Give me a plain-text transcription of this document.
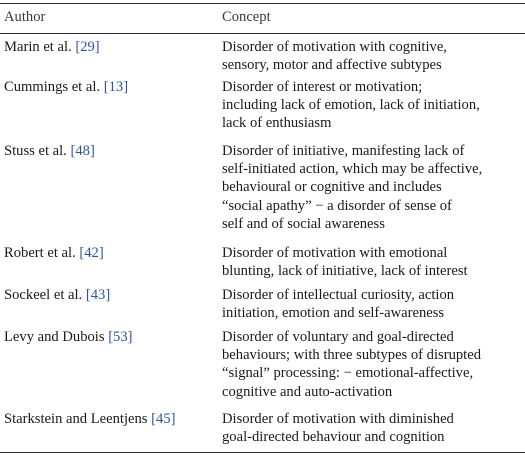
Author	Concept
Marin et al. [29]	Disorder of motivation with cognitive,
sensory, motor and affective subtypes
Cummings et al. [13]	Disorder of interest or motivation;
including lack of emotion, lack of initiation,
lack of enthusiasm
Stuss et al. [48]	Disorder of initiative, manifesting lack of
self-initiated action, which may be affective,
behavioural or cognitive and includes
“social apathy” − a disorder of sense of
self and of social awareness
Robert et al. [42]	Disorder of motivation with emotional
blunting, lack of initiative, lack of interest
Sockeel et al. [43]	Disorder of intellectual curiosity, action
initiation, emotion and self-awareness
Levy and Dubois [53]	Disorder of voluntary and goal-directed
behaviours; with three subtypes of disrupted
“signal” processing: − emotional-affective,
cognitive and auto-activation
Starkstein and Leentjens [45]	Disorder of motivation with diminished
goal-directed behaviour and cognition
